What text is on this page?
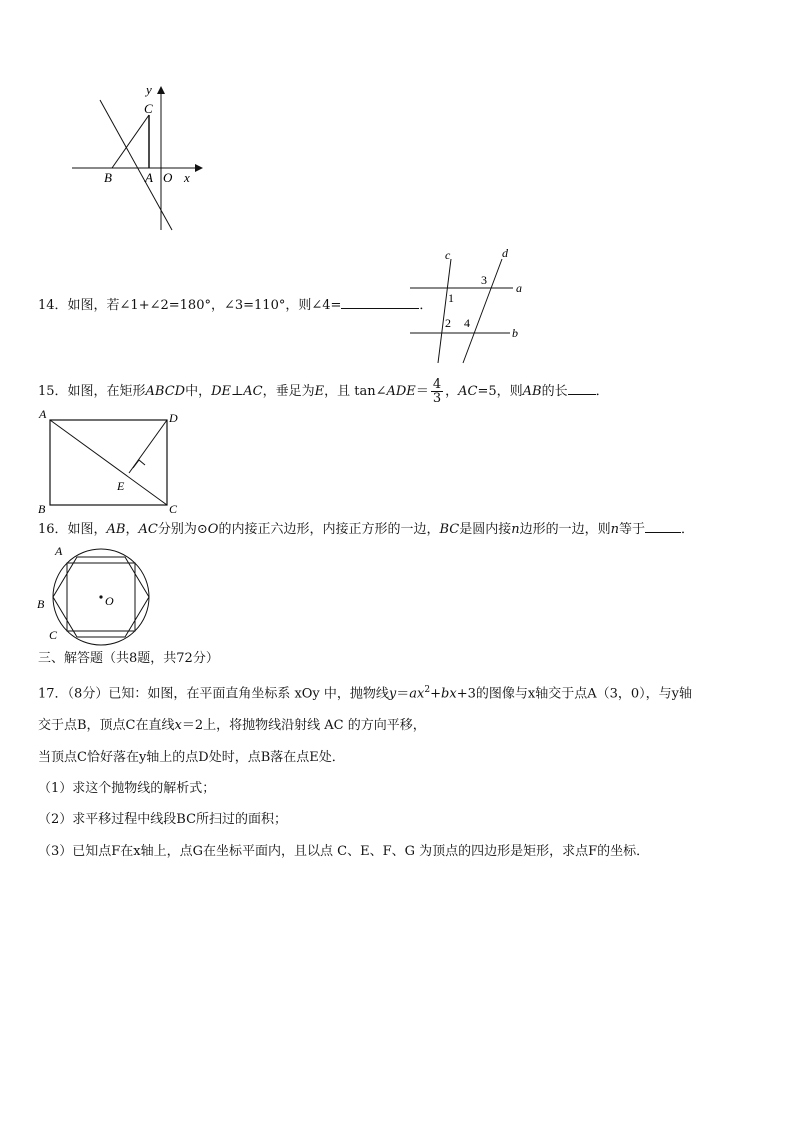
y
C
B	A O x
14．如图，若∠1+∠2=180°，∠3=110°，则∠4=	．
c	d
a
b
1
2
3
4
15．如图，在矩形ABCD中，DE⊥AC，垂足为E，且 tan∠ADE＝ $\frac{4}{3}$ ，AC=5，则AB的长 ．
A	D
B	C
E
16．如图，AB，AC分别为⊙O的内接正六边形，内接正方形的一边，BC是圆内接n边形的一边，则n等于	．
A
B
C
O
三、解答题（共8题，共72分）
17．（8分）已知：如图，在平面直角坐标系 xOy 中，抛物线$y=ax^2+bx+3$的图像与x轴交于点A（3，0），与y轴
交于点B，顶点C在直线x＝2上，将抛物线沿射线 AC 的方向平移，
当顶点C恰好落在y轴上的点D处时，点B落在点E处．
（1）求这个抛物线的解析式；
（2）求平移过程中线段BC所扫过的面积；
（3）已知点F在x轴上，点G在坐标平面内，且以点 C、E、F、G 为顶点的四边形是矩形，求点F的坐标．
